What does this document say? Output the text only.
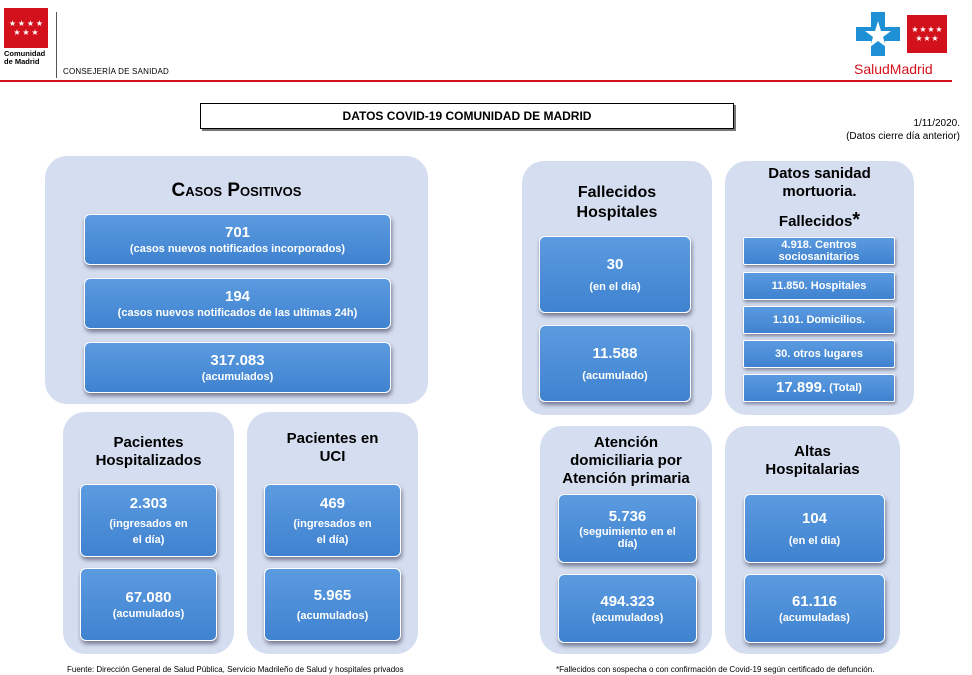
★ ★ ★ ★
★ ★ ★
Comunidad
de Madrid
CONSEJERÍA DE SANIDAD
★ ★ ★ ★
★ ★ ★
SaludMadrid
DATOS COVID-19 COMUNIDAD DE MADRID
1/11/2020.
(Datos cierre día anterior)
Casos Positivos
701
(casos nuevos notificados incorporados)
194
(casos nuevos notificados de las ultimas 24h)
317.083
(acumulados)
Pacientes
Hospitalizados
2.303
(ingresados en
el día)
67.080
(acumulados)
Pacientes en
UCI
469
(ingresados en
el día)
5.965
(acumulados)
Fallecidos
Hospitales
30
(en el día)
11.588
(acumulado)
Datos sanidad
mortuoria.
Fallecidos*
4.918. Centros
sociosanitarios
11.850. Hospitales
1.101. Domicilios.
30. otros lugares
17.899.
(Total)
Atención
domiciliaria por
Atención primaria
5.736
(seguimiento en el
día)
494.323
(acumulados)
Altas
Hospitalarias
104
(en el dia)
61.116
(acumuladas)
Fuente: Dirección General de Salud Pública, Servicio Madrileño de Salud y hospitales privados	*Fallecidos con sospecha o con confirmación de Covid-19 según certificado de defunción.
